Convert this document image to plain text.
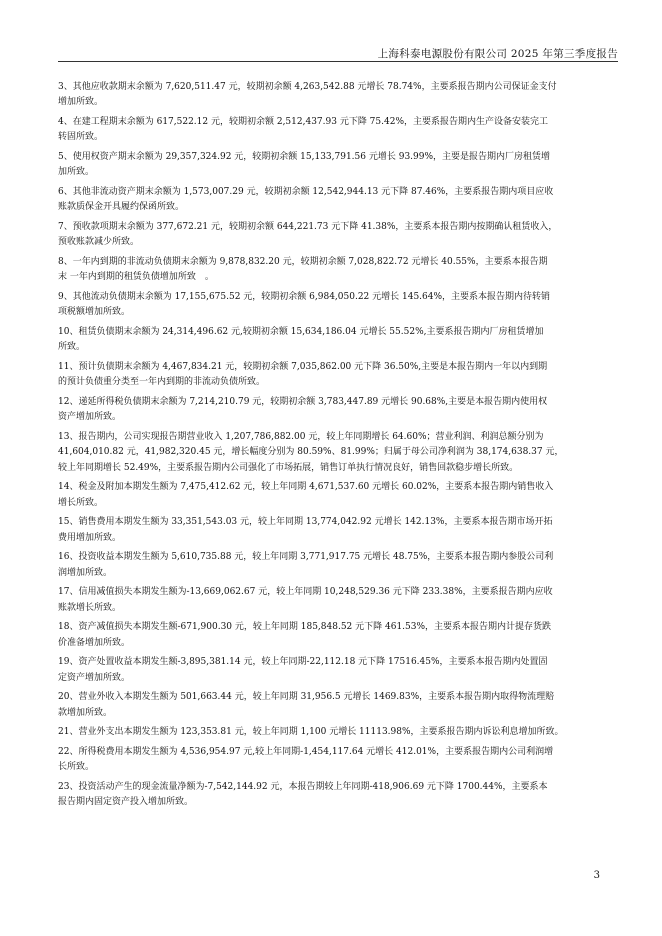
上海科泰电源股份有限公司 2025 年第三季度报告
3、其他应收款期末余额为 7,620,511.47 元，较期初余额 4,263,542.88 元增长 78.74%，主要系报告期内公司保证金支付
增加所致。
4、在建工程期末余额为 617,522.12 元，较期初余额 2,512,437.93 元下降 75.42%，主要系报告期内生产设备安装完工
转固所致。
5、使用权资产期末余额为 29,357,324.92 元，较期初余额 15,133,791.56 元增长 93.99%，主要是报告期内厂房租赁增
加所致。
6、其他非流动资产期末余额为 1,573,007.29 元，较期初余额 12,542,944.13 元下降 87.46%，主要系报告期内项目应收
账款质保金开具履约保函所致。
7、预收款项期末余额为 377,672.21 元，较期初余额 644,221.73 元下降 41.38%，主要系本报告期内按期确认租赁收入，
预收账款减少所致。
8、一年内到期的非流动负债期末余额为 9,878,832.20 元，较期初余额 7,028,822.72 元增长 40.55%，主要系本报告期
末 一年内到期的租赁负债增加所致　。
9、其他流动负债期末余额为 17,155,675.52 元，较期初余额 6,984,050.22 元增长 145.64%，主要系本报告期内待转销
项税额增加所致。
10、租赁负债期末余额为 24,314,496.62 元,较期初余额 15,634,186.04 元增长 55.52%,主要系报告期内厂房租赁增加
所致。
11、预计负债期末余额为 4,467,834.21 元，较期初余额 7,035,862.00 元下降 36.50%,主要是本报告期内一年以内到期
的预计负债重分类至一年内到期的非流动负债所致。
12、递延所得税负债期末余额为 7,214,210.79 元，较期初余额 3,783,447.89 元增长 90.68%,主要是本报告期内使用权
资产增加所致。
13、报告期内，公司实现报告期营业收入 1,207,786,882.00 元，较上年同期增长 64.60%；营业利润、利润总额分别为
41,604,010.82 元，41,982,320.45 元，增长幅度分别为 80.59%、81.99%；归属于母公司净利润为 38,174,638.37 元，
较上年同期增长 52.49%，主要系报告期内公司强化了市场拓展，销售订单执行情况良好，销售回款稳步增长所致。
14、税金及附加本期发生额为 7,475,412.62 元，较上年同期 4,671,537.60 元增长 60.02%，主要系本报告期内销售收入
增长所致。
15、销售费用本期发生额为 33,351,543.03 元，较上年同期 13,774,042.92 元增长 142.13%，主要系本报告期市场开拓
费用增加所致。
16、投资收益本期发生额为 5,610,735.88 元，较上年同期 3,771,917.75 元增长 48.75%，主要系本报告期内参股公司利
润增加所致。
17、信用减值损失本期发生额为-13,669,062.67 元，较上年同期 10,248,529.36 元下降 233.38%，主要系报告期内应收
账款增长所致。
18、资产减值损失本期发生额-671,900.30 元，较上年同期 185,848.52 元下降 461.53%，主要系本报告期内计提存货跌
价准备增加所致。
19、资产处置收益本期发生额-3,895,381.14 元，较上年同期-22,112.18 元下降 17516.45%，主要系本报告期内处置固
定资产增加所致。
20、营业外收入本期发生额为 501,663.44 元，较上年同期 31,956.5 元增长 1469.83%，主要系本报告期内取得物流理赔
款增加所致。
21、营业外支出本期发生额为 123,353.81 元，较上年同期 1,100 元增长 11113.98%，主要系报告期内诉讼利息增加所致。
22、所得税费用本期发生额为 4,536,954.97 元,较上年同期-1,454,117.64 元增长 412.01%，主要系报告期内公司利润增
长所致。
23、投资活动产生的现金流量净额为-7,542,144.92 元，本报告期较上年同期-418,906.69 元下降 1700.44%，主要系本
报告期内固定资产投入增加所致。
3
